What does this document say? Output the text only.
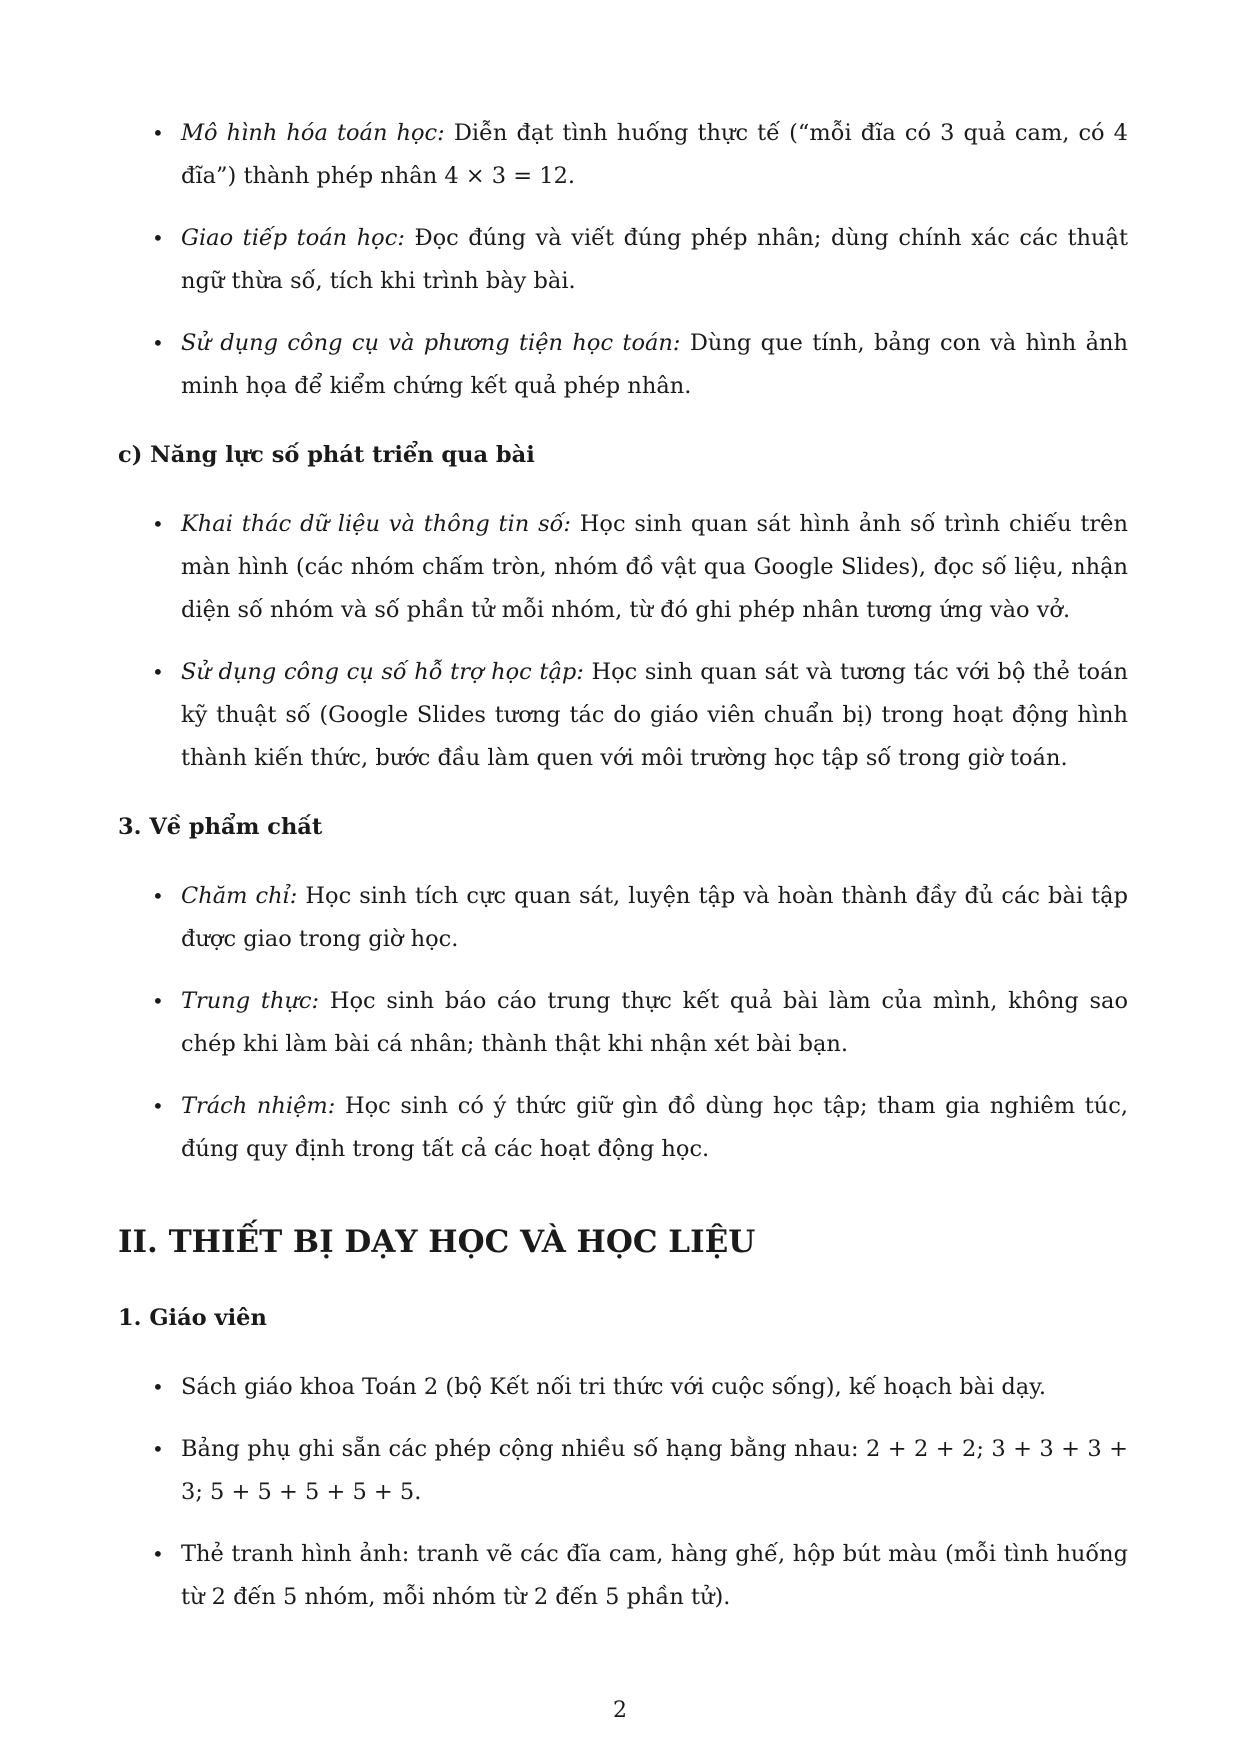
• Mô hình hóa toán học: Diễn đạt tình huống thực tế (“mỗi đĩa có 3 quả cam, có 4 đĩa”) thành phép nhân 4 × 3 = 12.
• Giao tiếp toán học: Đọc đúng và viết đúng phép nhân; dùng chính xác các thuật ngữ thừa số, tích khi trình bày bài.
• Sử dụng công cụ và phương tiện học toán: Dùng que tính, bảng con và hình ảnh minh họa để kiểm chứng kết quả phép nhân.
c) Năng lực số phát triển qua bài
• Khai thác dữ liệu và thông tin số: Học sinh quan sát hình ảnh số trình chiếu trên màn hình (các nhóm chấm tròn, nhóm đồ vật qua Google Slides), đọc số liệu, nhận diện số nhóm và số phần tử mỗi nhóm, từ đó ghi phép nhân tương ứng vào vở.
• Sử dụng công cụ số hỗ trợ học tập: Học sinh quan sát và tương tác với bộ thẻ toán kỹ thuật số (Google Slides tương tác do giáo viên chuẩn bị) trong hoạt động hình thành kiến thức, bước đầu làm quen với môi trường học tập số trong giờ toán.
3. Về phẩm chất
• Chăm chỉ: Học sinh tích cực quan sát, luyện tập và hoàn thành đầy đủ các bài tập được giao trong giờ học.
• Trung thực: Học sinh báo cáo trung thực kết quả bài làm của mình, không sao chép khi làm bài cá nhân; thành thật khi nhận xét bài bạn.
• Trách nhiệm: Học sinh có ý thức giữ gìn đồ dùng học tập; tham gia nghiêm túc, đúng quy định trong tất cả các hoạt động học.
II. THIẾT BỊ DẠY HỌC VÀ HỌC LIỆU
1. Giáo viên
• Sách giáo khoa Toán 2 (bộ Kết nối tri thức với cuộc sống), kế hoạch bài dạy.
• Bảng phụ ghi sẵn các phép cộng nhiều số hạng bằng nhau: 2 + 2 + 2; 3 + 3 + 3 + 3; 5 + 5 + 5 + 5 + 5.
• Thẻ tranh hình ảnh: tranh vẽ các đĩa cam, hàng ghế, hộp bút màu (mỗi tình huống từ 2 đến 5 nhóm, mỗi nhóm từ 2 đến 5 phần tử).
2
